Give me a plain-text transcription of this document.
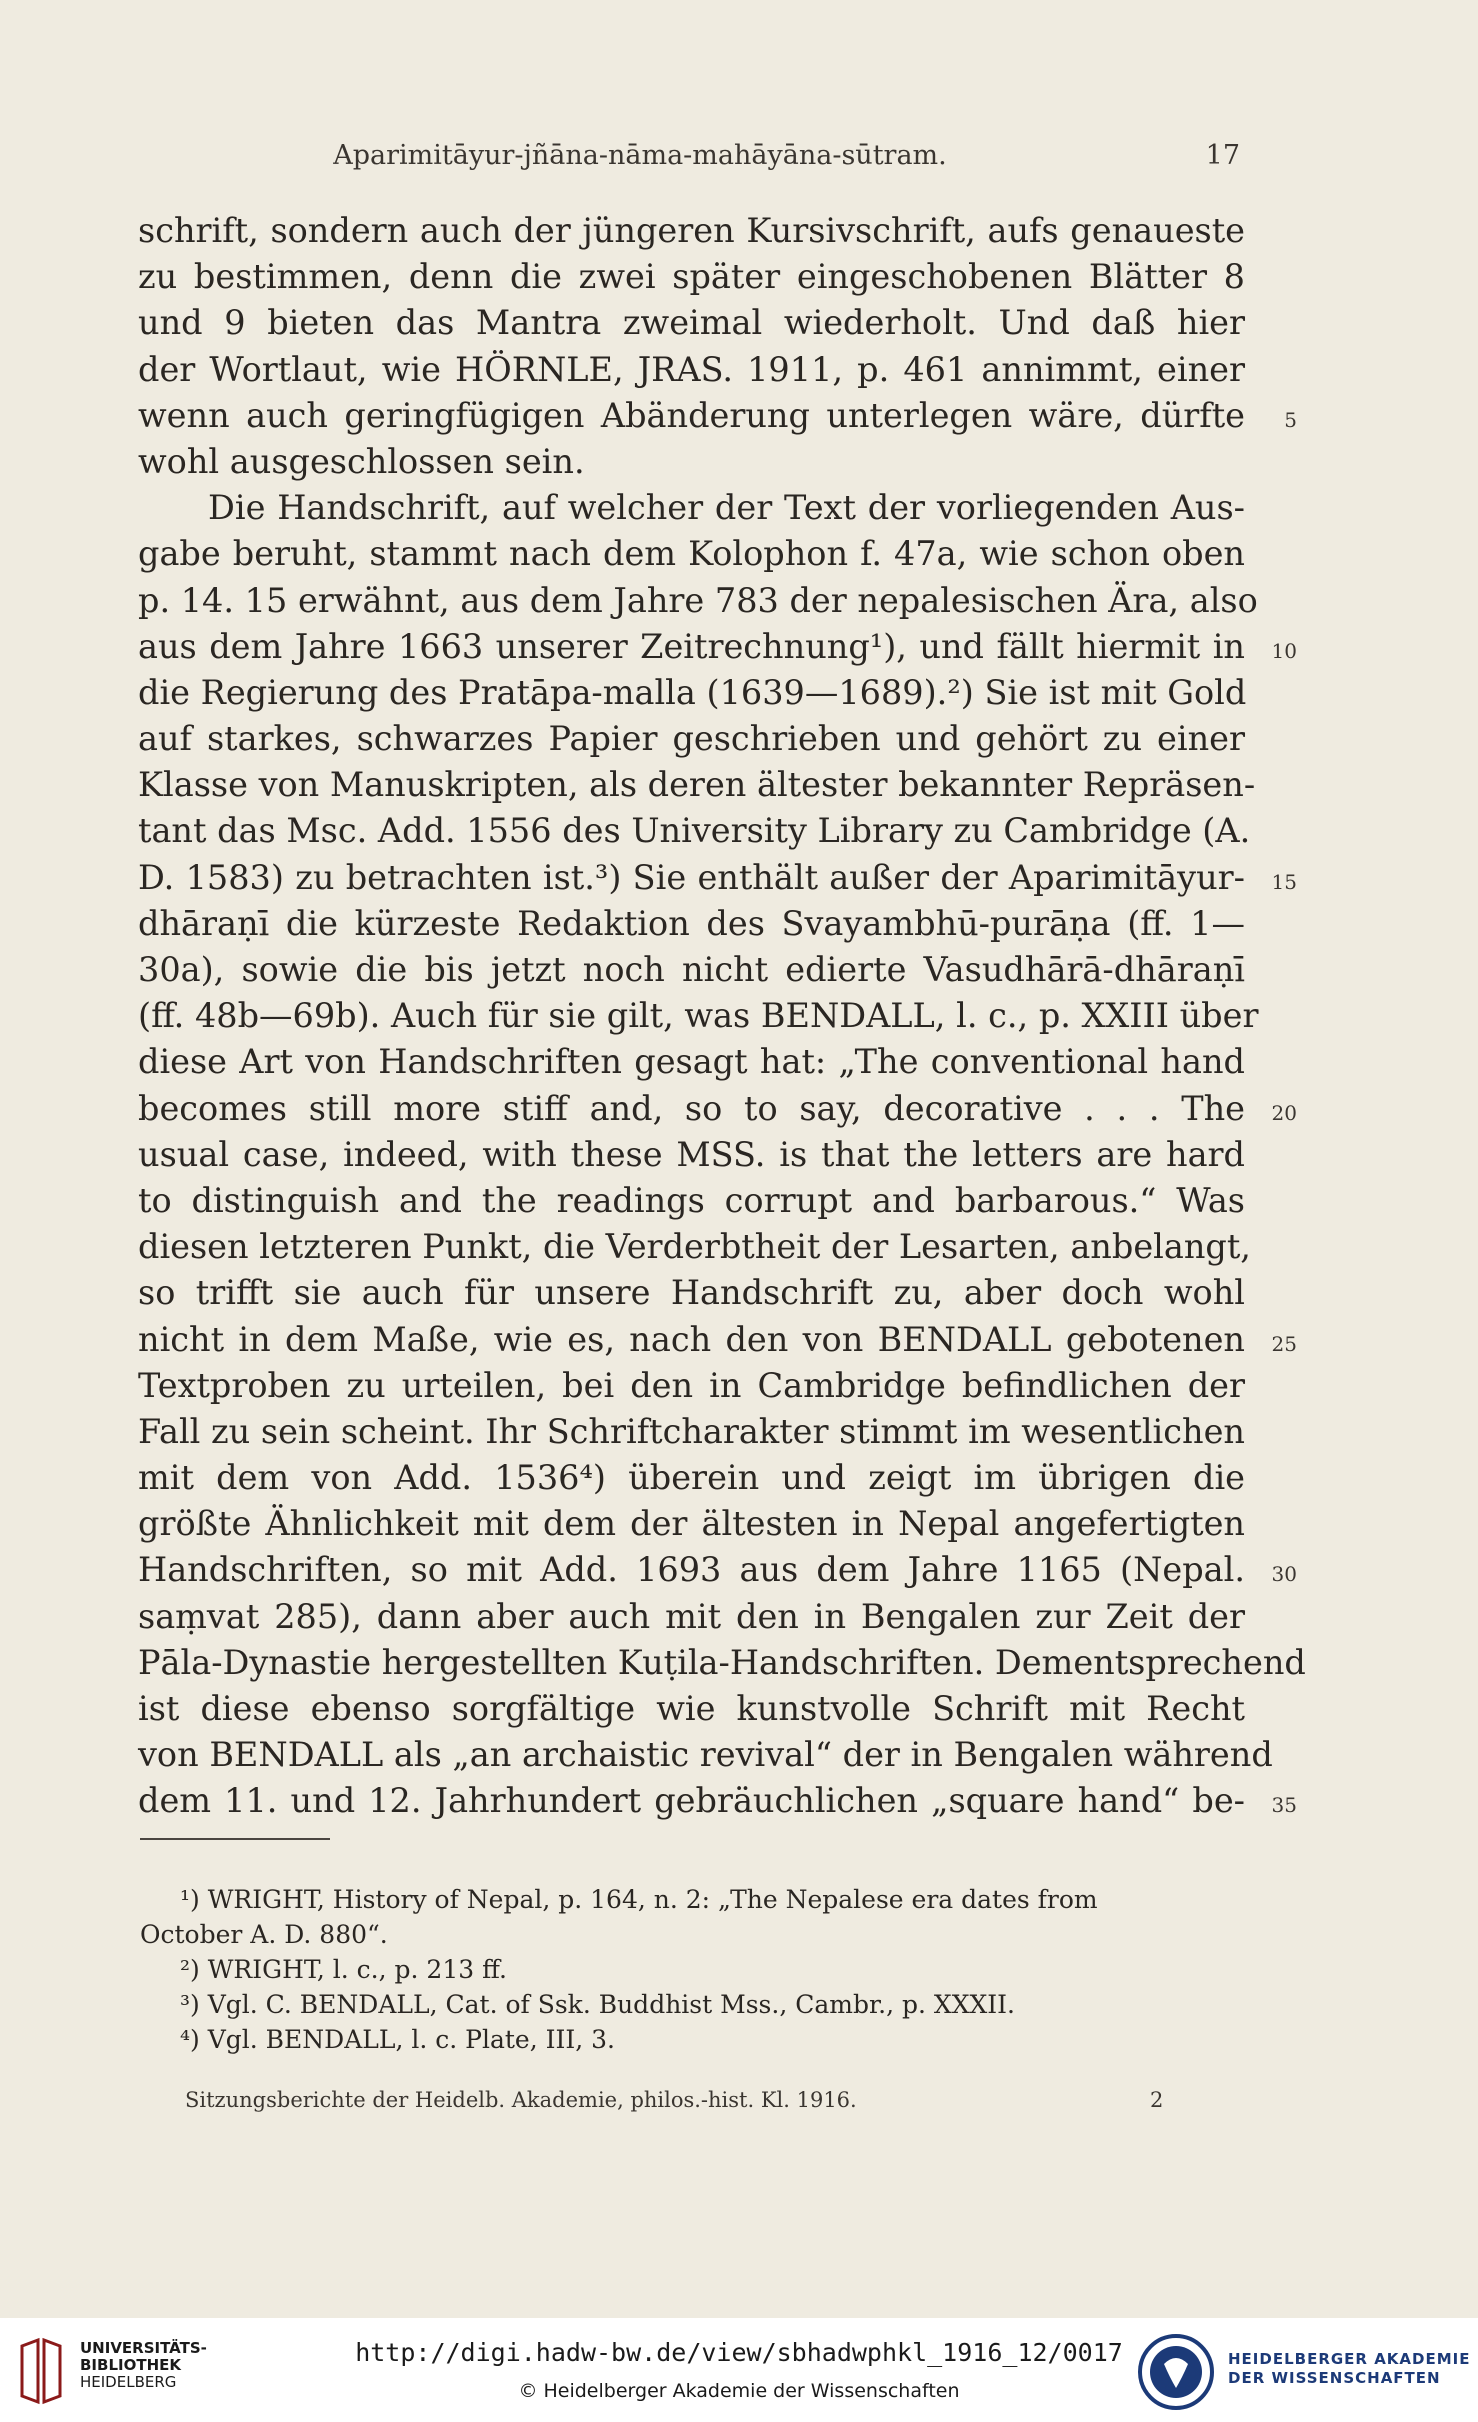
Aparimitāyur-jñāna-nāma-mahāyāna-sūtram.	17
schrift, sondern auch der jüngeren Kursivschrift, aufs genaueste
zu bestimmen, denn die zwei später eingeschobenen Blätter 8
und 9 bieten das Mantra zweimal wiederholt. Und daß hier
der Wortlaut, wie HÖRNLE, JRAS. 1911, p. 461 annimmt, einer
wenn auch geringfügigen Abänderung unterlegen wäre, dürfte 5
wohl ausgeschlossen sein.
Die Handschrift, auf welcher der Text der vorliegenden Aus-
gabe beruht, stammt nach dem Kolophon f. 47a, wie schon oben
p. 14. 15 erwähnt, aus dem Jahre 783 der nepalesischen Ära, also
aus dem Jahre 1663 unserer Zeitrechnung¹), und fällt hiermit in 10
die Regierung des Pratāpa-malla (1639—1689).²) Sie ist mit Gold
auf starkes, schwarzes Papier geschrieben und gehört zu einer
Klasse von Manuskripten, als deren ältester bekannter Repräsen-
tant das Msc. Add. 1556 des University Library zu Cambridge (A.
D. 1583) zu betrachten ist.³) Sie enthält außer der Aparimitāyur- 15
dhāraṇī die kürzeste Redaktion des Svayambhū-purāṇa (ff. 1—
30a), sowie die bis jetzt noch nicht edierte Vasudhārā-dhāraṇī
(ff. 48b—69b). Auch für sie gilt, was BENDALL, l. c., p. XXIII über
diese Art von Handschriften gesagt hat: „The conventional hand
becomes still more stiff and, so to say, decorative . . . The 20
usual case, indeed, with these MSS. is that the letters are hard
to distinguish and the readings corrupt and barbarous.“ Was
diesen letzteren Punkt, die Verderbtheit der Lesarten, anbelangt,
so trifft sie auch für unsere Handschrift zu, aber doch wohl
nicht in dem Maße, wie es, nach den von BENDALL gebotenen 25
Textproben zu urteilen, bei den in Cambridge befindlichen der
Fall zu sein scheint. Ihr Schriftcharakter stimmt im wesentlichen
mit dem von Add. 1536⁴) überein und zeigt im übrigen die
größte Ähnlichkeit mit dem der ältesten in Nepal angefertigten
Handschriften, so mit Add. 1693 aus dem Jahre 1165 (Nepal. 30
saṃvat 285), dann aber auch mit den in Bengalen zur Zeit der
Pāla-Dynastie hergestellten Kuṭila-Handschriften. Dementsprechend
ist diese ebenso sorgfältige wie kunstvolle Schrift mit Recht
von BENDALL als „an archaistic revival“ der in Bengalen während
dem 11. und 12. Jahrhundert gebräuchlichen „square hand“ be- 35
¹) WRIGHT, History of Nepal, p. 164, n. 2: „The Nepalese era dates from
October A. D. 880“.
²) WRIGHT, l. c., p. 213 ff.
³) Vgl. C. BENDALL, Cat. of Ssk. Buddhist Mss., Cambr., p. XXXII.
⁴) Vgl. BENDALL, l. c. Plate, III, 3.
Sitzungsberichte der Heidelb. Akademie, philos.-hist. Kl. 1916.	2
UNIVERSITÄTS-
BIBLIOTHEK
HEIDELBERG
http://digi.hadw-bw.de/view/sbhadwphkl_1916_12/0017
© Heidelberger Akademie der Wissenschaften
HEIDELBERGER AKADEMIE
DER WISSENSCHAFTEN
